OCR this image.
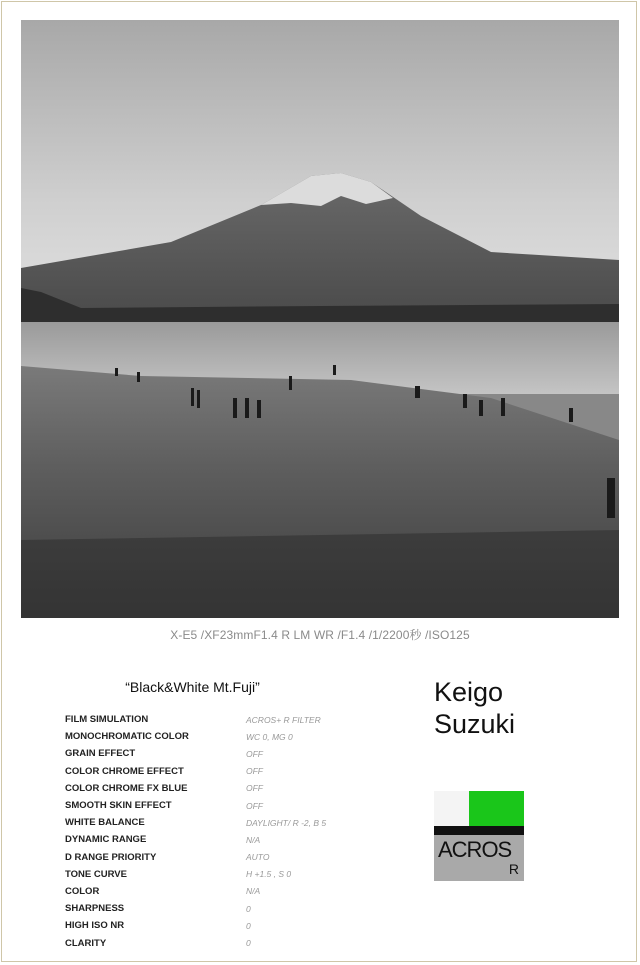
X-E5 /XF23mmF1.4 R LM WR /F1.4 /1/2200秒 /ISO125
“Black&White Mt.Fuji”
FILM SIMULATION	ACROS+ R FILTER
MONOCHROMATIC COLOR	WC 0, MG 0
GRAIN EFFECT	OFF
COLOR CHROME EFFECT	OFF
COLOR CHROME FX BLUE	OFF
SMOOTH SKIN EFFECT	OFF
WHITE BALANCE	DAYLIGHT/ R -2, B 5
DYNAMIC RANGE	N/A
D RANGE PRIORITY	AUTO
TONE CURVE	H +1.5 , S 0
COLOR	N/A
SHARPNESS	0
HIGH ISO NR	0
CLARITY	0
Keigo
Suzuki
ACROS
R
